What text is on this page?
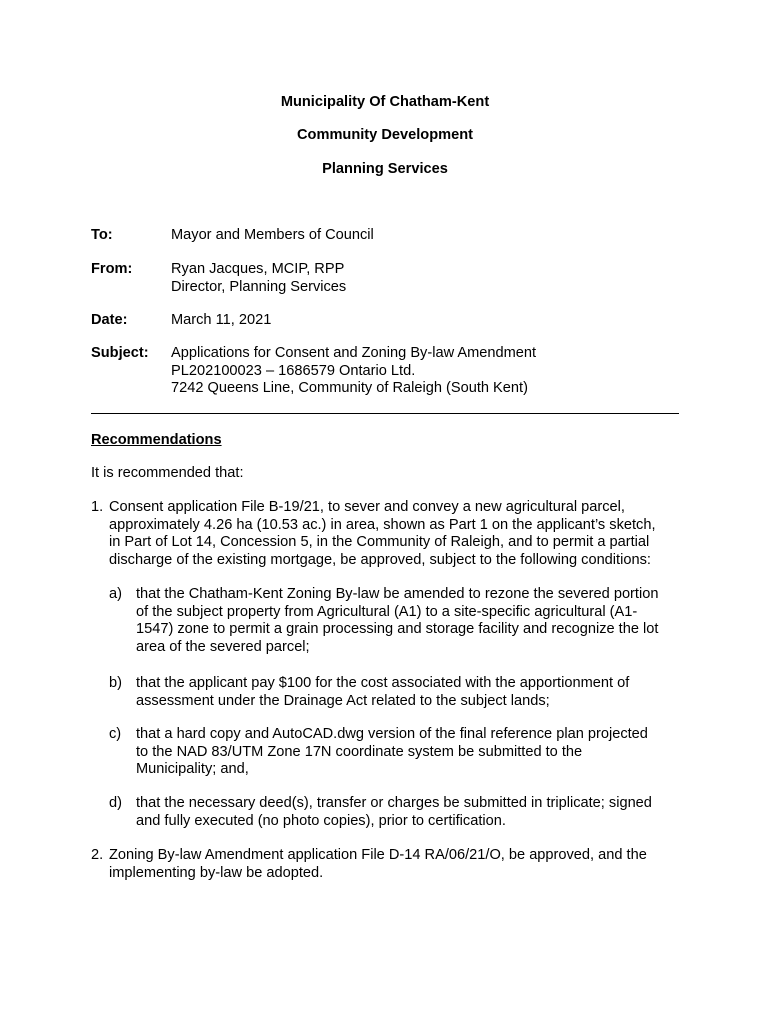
Municipality Of Chatham-Kent
Community Development
Planning Services
To:	Mayor and Members of Council
From:	Ryan Jacques, MCIP, RPP
Director, Planning Services
Date:	March 11, 2021
Subject: Applications for Consent and Zoning By-law Amendment
PL202100023 – 1686579 Ontario Ltd.
7242 Queens Line, Community of Raleigh (South Kent)
Recommendations
It is recommended that:
1. Consent application File B-19/21, to sever and convey a new agricultural parcel,
approximately 4.26 ha (10.53 ac.) in area, shown as Part 1 on the applicant’s sketch,
in Part of Lot 14, Concession 5, in the Community of Raleigh, and to permit a partial
discharge of the existing mortgage, be approved, subject to the following conditions:
a) that the Chatham-Kent Zoning By-law be amended to rezone the severed portion
of the subject property from Agricultural (A1) to a site-specific agricultural (A1-
1547) zone to permit a grain processing and storage facility and recognize the lot
area of the severed parcel;
b) that the applicant pay $100 for the cost associated with the apportionment of
assessment under the Drainage Act related to the subject lands;
c) that a hard copy and AutoCAD.dwg version of the final reference plan projected
to the NAD 83/UTM Zone 17N coordinate system be submitted to the
Municipality; and,
d) that the necessary deed(s), transfer or charges be submitted in triplicate; signed
and fully executed (no photo copies), prior to certification.
2. Zoning By-law Amendment application File D-14 RA/06/21/O, be approved, and the
implementing by-law be adopted.
